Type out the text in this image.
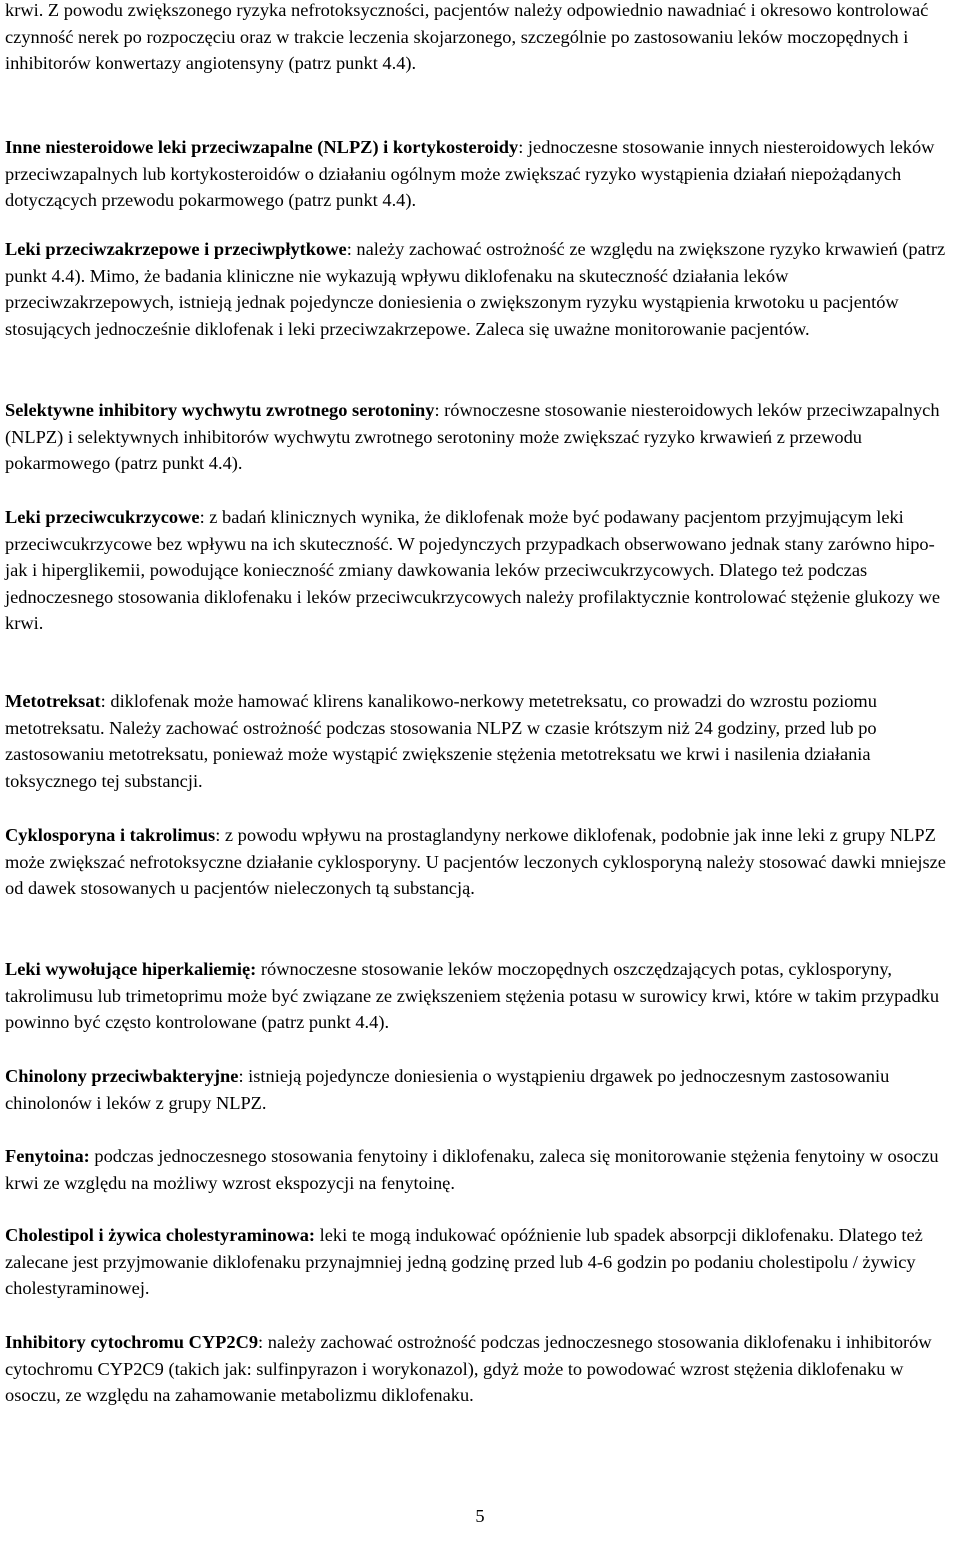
krwi. Z powodu zwiększonego ryzyka nefrotoksyczności, pacjentów należy odpowiednio nawadniać i okresowo kontrolować czynność nerek po rozpoczęciu oraz w trakcie leczenia skojarzonego, szczególnie po zastosowaniu leków moczopędnych i inhibitorów konwertazy angiotensyny (patrz punkt 4.4).

Inne niesteroidowe leki przeciwzapalne (NLPZ) i kortykosteroidy: jednoczesne stosowanie innych niesteroidowych leków przeciwzapalnych lub kortykosteroidów o działaniu ogólnym może zwiększać ryzyko wystąpienia działań niepożądanych dotyczących przewodu pokarmowego (patrz punkt 4.4).

Leki przeciwzakrzepowe i przeciwpłytkowe: należy zachować ostrożność ze względu na zwiększone ryzyko krwawień (patrz punkt 4.4). Mimo, że badania kliniczne nie wykazują wpływu diklofenaku na skuteczność działania leków przeciwzakrzepowych, istnieją jednak pojedyncze doniesienia o zwiększonym ryzyku wystąpienia krwotoku u pacjentów stosujących jednocześnie diklofenak i leki przeciwzakrzepowe. Zaleca się uważne monitorowanie pacjentów.

Selektywne inhibitory wychwytu zwrotnego serotoniny: równoczesne stosowanie niesteroidowych leków przeciwzapalnych (NLPZ) i selektywnych inhibitorów wychwytu zwrotnego serotoniny może zwiększać ryzyko krwawień z przewodu pokarmowego (patrz punkt 4.4).

Leki przeciwcukrzycowe: z badań klinicznych wynika, że diklofenak może być podawany pacjentom przyjmującym leki przeciwcukrzycowe bez wpływu na ich skuteczność. W pojedynczych przypadkach obserwowano jednak stany zarówno hipo- jak i hiperglikemii, powodujące konieczność zmiany dawkowania leków przeciwcukrzycowych. Dlatego też podczas jednoczesnego stosowania diklofenaku i leków przeciwcukrzycowych należy profilaktycznie kontrolować stężenie glukozy we krwi.

Metotreksat: diklofenak może hamować klirens kanalikowo-nerkowy metetreksatu, co prowadzi do wzrostu poziomu metotreksatu. Należy zachować ostrożność podczas stosowania NLPZ w czasie krótszym niż 24 godziny, przed lub po zastosowaniu metotreksatu, ponieważ może wystąpić zwiększenie stężenia metotreksatu we krwi i nasilenia działania toksycznego tej substancji.

Cyklosporyna i takrolimus: z powodu wpływu na prostaglandyny nerkowe diklofenak, podobnie jak inne leki z grupy NLPZ może zwiększać nefrotoksyczne działanie cyklosporyny. U pacjentów leczonych cyklosporyną należy stosować dawki mniejsze od dawek stosowanych u pacjentów nieleczonych tą substancją.

Leki wywołujące hiperkaliemię: równoczesne stosowanie leków moczopędnych oszczędzających potas, cyklosporyny, takrolimusu lub trimetoprimu może być związane ze zwiększeniem stężenia potasu w surowicy krwi, które w takim przypadku powinno być często kontrolowane (patrz punkt 4.4).

Chinolony przeciwbakteryjne: istnieją pojedyncze doniesienia o wystąpieniu drgawek po jednoczesnym zastosowaniu chinolonów i leków z grupy NLPZ.

Fenytoina: podczas jednoczesnego stosowania fenytoiny i diklofenaku, zaleca się monitorowanie stężenia fenytoiny w osoczu krwi ze względu na możliwy wzrost ekspozycji na fenytoinę.

Cholestipol i żywica cholestyraminowa: leki te mogą indukować opóźnienie lub spadek absorpcji diklofenaku. Dlatego też zalecane jest przyjmowanie diklofenaku przynajmniej jedną godzinę przed lub 4-6 godzin po podaniu cholestipolu / żywicy cholestyraminowej.

Inhibitory cytochromu CYP2C9: należy zachować ostrożność podczas jednoczesnego stosowania diklofenaku i inhibitorów cytochromu CYP2C9 (takich jak: sulfinpyrazon i worykonazol), gdyż może to powodować wzrost stężenia diklofenaku w osoczu, ze względu na zahamowanie metabolizmu diklofenaku.

5
